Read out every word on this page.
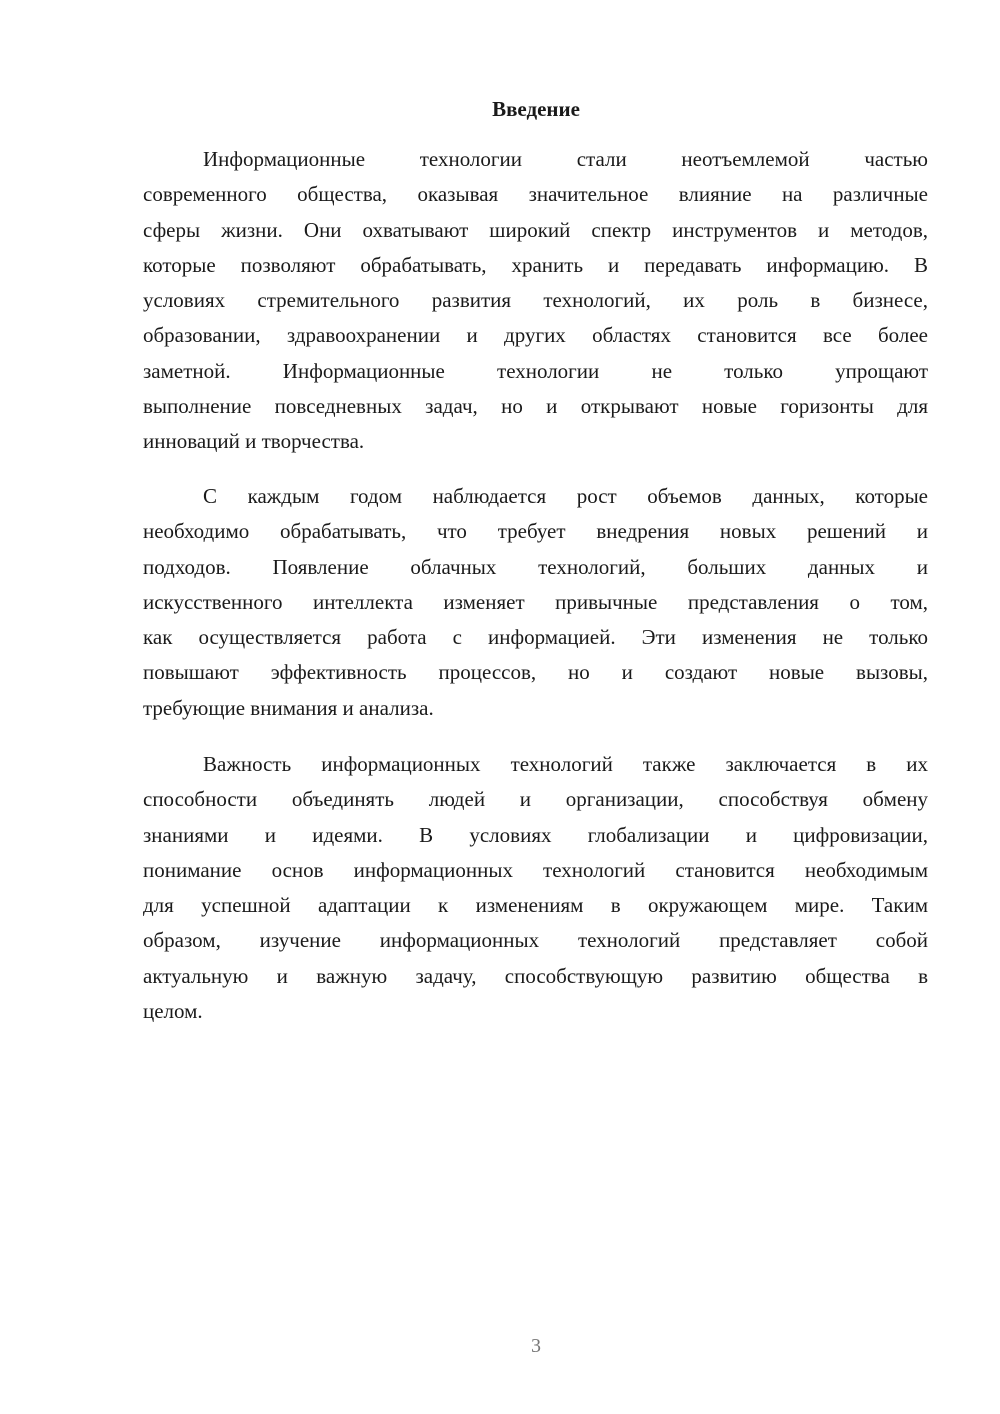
Введение
Информационные технологии стали неотъемлемой частью
современного общества, оказывая значительное влияние на различные
сферы жизни. Они охватывают широкий спектр инструментов и методов,
которые позволяют обрабатывать, хранить и передавать информацию. В
условиях стремительного развития технологий, их роль в бизнесе,
образовании, здравоохранении и других областях становится все более
заметной. Информационные технологии не только упрощают
выполнение повседневных задач, но и открывают новые горизонты для
инноваций и творчества.
С каждым годом наблюдается рост объемов данных, которые
необходимо обрабатывать, что требует внедрения новых решений и
подходов. Появление облачных технологий, больших данных и
искусственного интеллекта изменяет привычные представления о том,
как осуществляется работа с информацией. Эти изменения не только
повышают эффективность процессов, но и создают новые вызовы,
требующие внимания и анализа.
Важность информационных технологий также заключается в их
способности объединять людей и организации, способствуя обмену
знаниями и идеями. В условиях глобализации и цифровизации,
понимание основ информационных технологий становится необходимым
для успешной адаптации к изменениям в окружающем мире. Таким
образом, изучение информационных технологий представляет собой
актуальную и важную задачу, способствующую развитию общества в
целом.
3
